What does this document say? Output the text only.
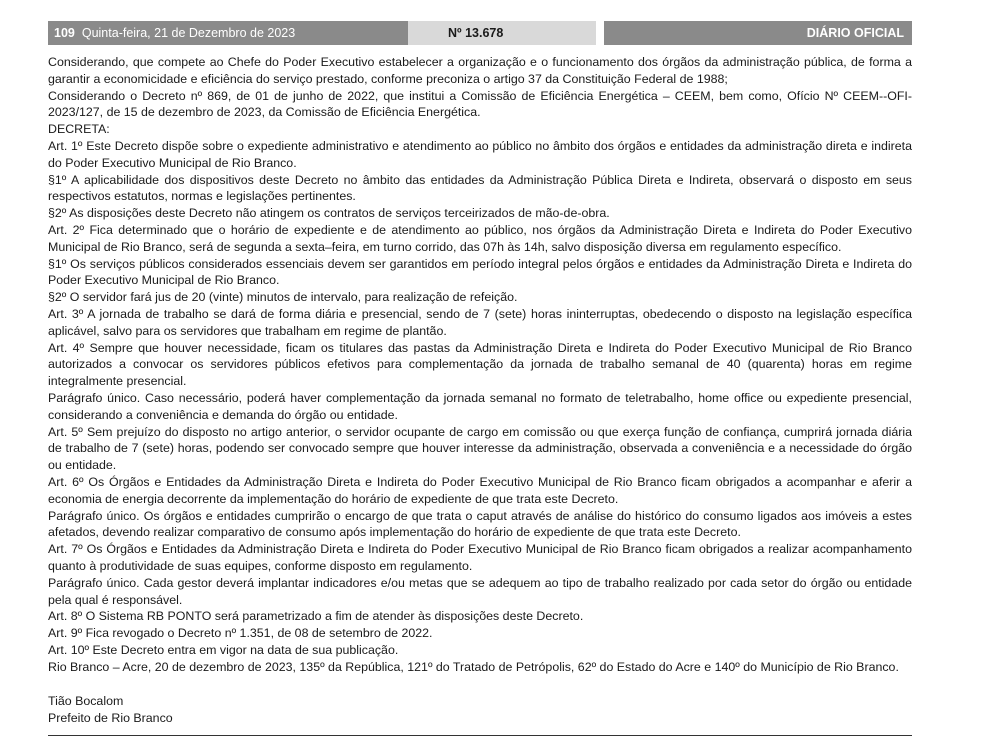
109 Quinta-feira, 21 de Dezembro de 2023	Nº 13.678	DIÁRIO OFICIAL

Considerando, que compete ao Chefe do Poder Executivo estabelecer a organização e o funcionamento dos órgãos da administração pública, de forma a garantir a economicidade e eficiência do serviço prestado, conforme preconiza o artigo 37 da Constituição Federal de 1988;

Considerando o Decreto nº 869, de 01 de junho de 2022, que institui a Comissão de Eficiência Energética – CEEM, bem como, Ofício Nº CEEM--OFI-2023/127, de 15 de dezembro de 2023, da Comissão de Eficiência Energética.

DECRETA:

Art. 1º Este Decreto dispõe sobre o expediente administrativo e atendimento ao público no âmbito dos órgãos e entidades da administração direta e indireta do Poder Executivo Municipal de Rio Branco.

§1º A aplicabilidade dos dispositivos deste Decreto no âmbito das entidades da Administração Pública Direta e Indireta, observará o disposto em seus respectivos estatutos, normas e legislações pertinentes.

§2º As disposições deste Decreto não atingem os contratos de serviços terceirizados de mão-de-obra.

Art. 2º Fica determinado que o horário de expediente e de atendimento ao público, nos órgãos da Administração Direta e Indireta do Poder Executivo Municipal de Rio Branco, será de segunda a sexta–feira, em turno corrido, das 07h às 14h, salvo disposição diversa em regulamento específico.

§1º Os serviços públicos considerados essenciais devem ser garantidos em período integral pelos órgãos e entidades da Administração Direta e Indireta do Poder Executivo Municipal de Rio Branco.

§2º O servidor fará jus de 20 (vinte) minutos de intervalo, para realização de refeição.

Art. 3º A jornada de trabalho se dará de forma diária e presencial, sendo de 7 (sete) horas ininterruptas, obedecendo o disposto na legislação específica aplicável, salvo para os servidores que trabalham em regime de plantão.

Art. 4º Sempre que houver necessidade, ficam os titulares das pastas da Administração Direta e Indireta do Poder Executivo Municipal de Rio Branco autorizados a convocar os servidores públicos efetivos para complementação da jornada de trabalho semanal de 40 (quarenta) horas em regime integralmente presencial.

Parágrafo único. Caso necessário, poderá haver complementação da jornada semanal no formato de teletrabalho, home office ou expediente presencial, considerando a conveniência e demanda do órgão ou entidade.

Art. 5º Sem prejuízo do disposto no artigo anterior, o servidor ocupante de cargo em comissão ou que exerça função de confiança, cumprirá jornada diária de trabalho de 7 (sete) horas, podendo ser convocado sempre que houver interesse da administração, observada a conveniência e a necessidade do órgão ou entidade.

Art. 6º Os Órgãos e Entidades da Administração Direta e Indireta do Poder Executivo Municipal de Rio Branco ficam obrigados a acompanhar e aferir a economia de energia decorrente da implementação do horário de expediente de que trata este Decreto.

Parágrafo único. Os órgãos e entidades cumprirão o encargo de que trata o caput através de análise do histórico do consumo ligados aos imóveis a estes afetados, devendo realizar comparativo de consumo após implementação do horário de expediente de que trata este Decreto.

Art. 7º Os Órgãos e Entidades da Administração Direta e Indireta do Poder Executivo Municipal de Rio Branco ficam obrigados a realizar acompanhamento quanto à produtividade de suas equipes, conforme disposto em regulamento.

Parágrafo único. Cada gestor deverá implantar indicadores e/ou metas que se adequem ao tipo de trabalho realizado por cada setor do órgão ou entidade pela qual é responsável.

Art. 8º O Sistema RB PONTO será parametrizado a fim de atender às disposições deste Decreto.

Art. 9º Fica revogado o Decreto nº 1.351, de 08 de setembro de 2022.

Art. 10º Este Decreto entra em vigor na data de sua publicação.

Rio Branco – Acre, 20 de dezembro de 2023, 135º da República, 121º do Tratado de Petrópolis, 62º do Estado do Acre e 140º do Município de Rio Branco.

Tião Bocalom

Prefeito de Rio Branco
